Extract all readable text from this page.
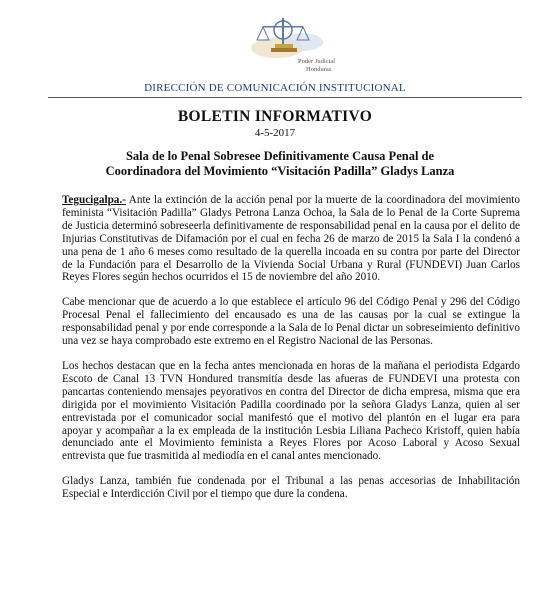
Poder Judicial
Honduras
DIRECCIÓN DE COMUNICACIÓN INSTITUCIONAL
BOLETIN INFORMATIVO
4-5-2017
Sala de lo Penal Sobresee Definitivamente Causa Penal de
Coordinadora del Movimiento “Visitación Padilla” Gladys Lanza

Tegucigalpa.- Ante la extinción de la acción penal por la muerte de la coordinadora del movimiento feminista “Visitación Padilla” Gladys Petrona Lanza Ochoa, la Sala de lo Penal de la Corte Suprema de Justicia determinó sobreseerla definitivamente de responsabilidad penal en la causa por el delito de Injurias Constitutivas de Difamación por el cual en fecha 26 de marzo de 2015 la Sala I la condenó a una pena de 1 año 6 meses como resultado de la querella incoada en su contra por parte del Director de la Fundación para el Desarrollo de la Vivienda Social Urbana y Rural (FUNDEVI) Juan Carlos Reyes Flores según hechos ocurridos el 15 de noviembre del año 2010.

Cabe mencionar que de acuerdo a lo que establece el artículo 96 del Código Penal y 296 del Código Procesal Penal el fallecimiento del encausado es una de las causas por la cual se extingue la responsabilidad penal y por ende corresponde a la Sala de lo Penal dictar un sobreseimiento definitivo una vez se haya comprobado este extremo en el Registro Nacional de las Personas.

Los hechos destacan que en la fecha antes mencionada en horas de la mañana el periodista Edgardo Escoto de Canal 13 TVN Hondured transmitía desde las afueras de FUNDEVI una protesta con pancartas conteniendo mensajes peyorativos en contra del Director de dicha empresa, misma que era dirigida por el movimiento Visitación Padilla coordinado por la señora Gladys Lanza, quien al ser entrevistada por el comunicador social manifestó que el motivo del plantón en el lugar era para apoyar y acompañar a la ex empleada de la institución Lesbia Liliana Pacheco Kristoff, quien había denunciado ante el Movimiento feminista a Reyes Flores por Acoso Laboral y Acoso Sexual entrevista que fue trasmitida al mediodía en el canal antes mencionado.

Gladys Lanza, también fue condenada por el Tribunal a las penas accesorias de Inhabilitación Especial e Interdicción Civil por el tiempo que dure la condena.
